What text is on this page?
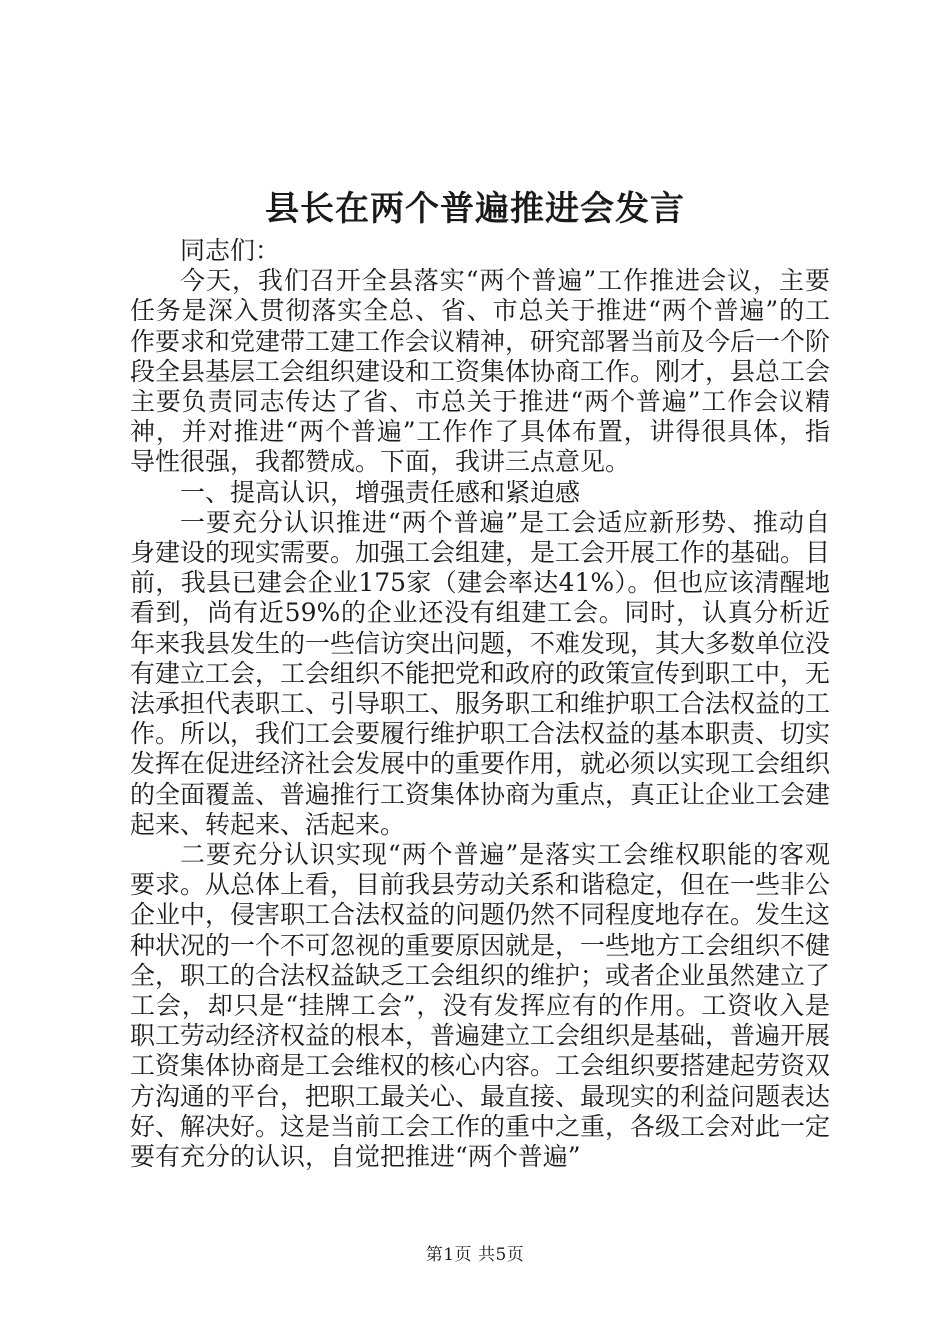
县长在两个普遍推进会发言

同志们：

今天，我们召开全县落实“两个普遍”工作推进会议，主要任务是深入贯彻落实全总、省、市总关于推进“两个普遍”的工作要求和党建带工建工作会议精神，研究部署当前及今后一个阶段全县基层工会组织建设和工资集体协商工作。刚才，县总工会主要负责同志传达了省、市总关于推进“两个普遍”工作会议精神，并对推进“两个普遍”工作作了具体布置，讲得很具体，指导性很强，我都赞成。下面，我讲三点意见。

一、提高认识，增强责任感和紧迫感

一要充分认识推进“两个普遍”是工会适应新形势、推动自身建设的现实需要。加强工会组建，是工会开展工作的基础。目前，我县已建会企业175家（建会率达41%）。但也应该清醒地看到，尚有近59%的企业还没有组建工会。同时，认真分析近年来我县发生的一些信访突出问题，不难发现，其大多数单位没有建立工会，工会组织不能把党和政府的政策宣传到职工中，无法承担代表职工、引导职工、服务职工和维护职工合法权益的工作。所以，我们工会要履行维护职工合法权益的基本职责、切实发挥在促进经济社会发展中的重要作用，就必须以实现工会组织的全面覆盖、普遍推行工资集体协商为重点，真正让企业工会建起来、转起来、活起来。

二要充分认识实现“两个普遍”是落实工会维权职能的客观要求。从总体上看，目前我县劳动关系和谐稳定，但在一些非公企业中，侵害职工合法权益的问题仍然不同程度地存在。发生这种状况的一个不可忽视的重要原因就是，一些地方工会组织不健全，职工的合法权益缺乏工会组织的维护；或者企业虽然建立了工会，却只是“挂牌工会”，没有发挥应有的作用。工资收入是职工劳动经济权益的根本，普遍建立工会组织是基础，普遍开展工资集体协商是工会维权的核心内容。工会组织要搭建起劳资双方沟通的平台，把职工最关心、最直接、最现实的利益问题表达好、解决好。这是当前工会工作的重中之重，各级工会对此一定要有充分的认识，自觉把推进“两个普遍”

第1页 共5页
